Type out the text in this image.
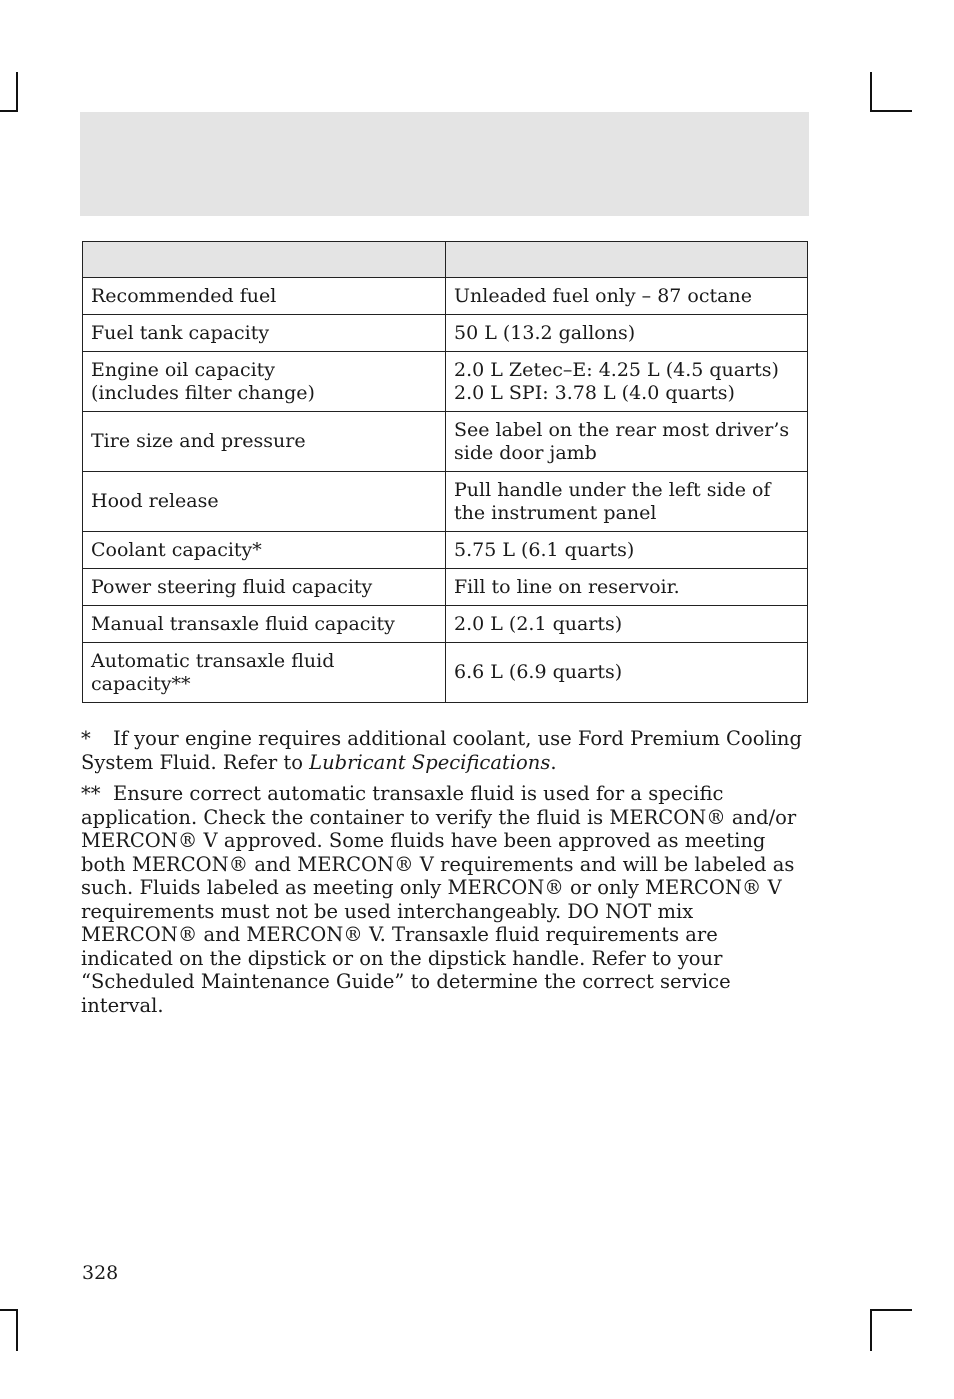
Recommended fuel	Unleaded fuel only – 87 octane

Fuel tank capacity	50 L (13.2 gallons)

Engine oil capacity
(includes filter change)	2.0 L Zetec–E: 4.25 L (4.5 quarts)
2.0 L SPI: 3.78 L (4.0 quarts)

Tire size and pressure	See label on the rear most driver’s
side door jamb

Hood release	Pull handle under the left side of
the instrument panel

Coolant capacity*	5.75 L (6.1 quarts)

Power steering fluid capacity	Fill to line on reservoir.

Manual transaxle fluid capacity	2.0 L (2.1 quarts)

Automatic transaxle fluid
capacity**	6.6 L (6.9 quarts)

* If your engine requires additional coolant, use Ford Premium Cooling System Fluid. Refer to Lubricant Specifications.

** Ensure correct automatic transaxle fluid is used for a specific application. Check the container to verify the fluid is MERCON® and/or MERCON® V approved. Some fluids have been approved as meeting both MERCON® and MERCON® V requirements and will be labeled as such. Fluids labeled as meeting only MERCON® or only MERCON® V requirements must not be used interchangeably. DO NOT mix MERCON® and MERCON® V. Transaxle fluid requirements are indicated on the dipstick or on the dipstick handle. Refer to your “Scheduled Maintenance Guide” to determine the correct service interval.

328
